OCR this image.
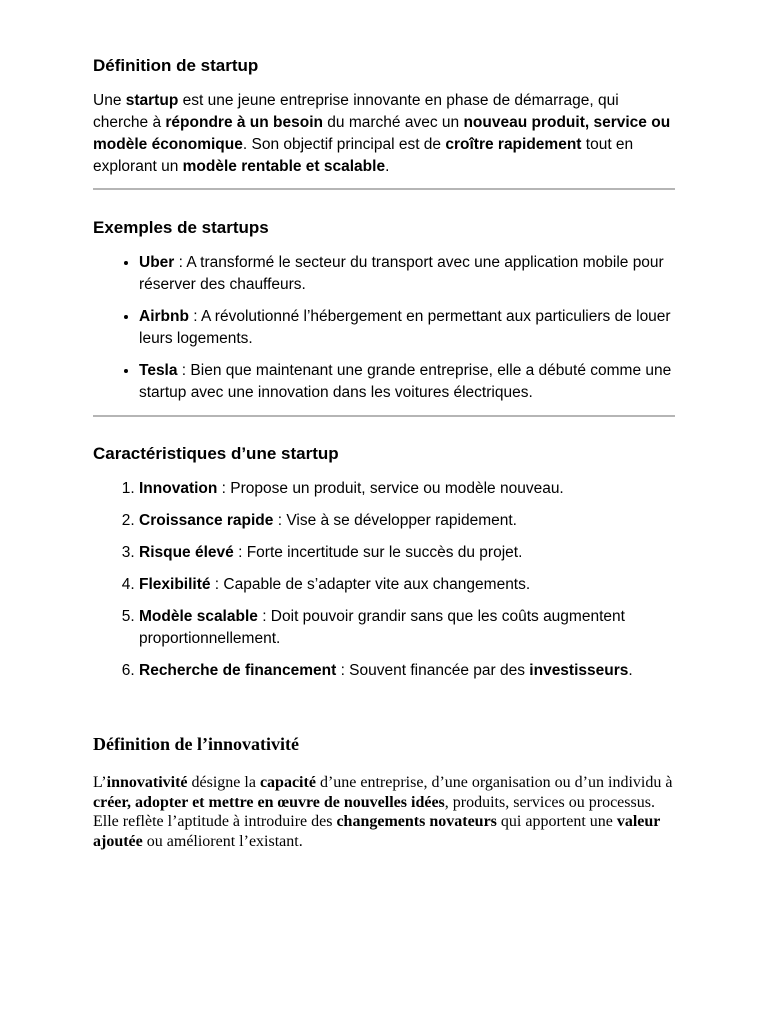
Définition de startup

Une startup est une jeune entreprise innovante en phase de démarrage, qui cherche à répondre à un besoin du marché avec un nouveau produit, service ou modèle économique. Son objectif principal est de croître rapidement tout en explorant un modèle rentable et scalable.

Exemples de startups
• Uber : A transformé le secteur du transport avec une application mobile pour réserver des chauffeurs.
• Airbnb : A révolutionné l’hébergement en permettant aux particuliers de louer leurs logements.
• Tesla : Bien que maintenant une grande entreprise, elle a débuté comme une startup avec une innovation dans les voitures électriques.
Caractéristiques d’une startup
1. Innovation : Propose un produit, service ou modèle nouveau.
2. Croissance rapide : Vise à se développer rapidement.
3. Risque élevé : Forte incertitude sur le succès du projet.
4. Flexibilité : Capable de s’adapter vite aux changements.
5. Modèle scalable : Doit pouvoir grandir sans que les coûts augmentent proportionnellement.
6. Recherche de financement : Souvent financée par des investisseurs.
Définition de l’innovativité

L’innovativité désigne la capacité d’une entreprise, d’une organisation ou d’un individu à créer, adopter et mettre en œuvre de nouvelles idées, produits, services ou processus. Elle reflète l’aptitude à introduire des changements novateurs qui apportent une valeur ajoutée ou améliorent l’existant.
